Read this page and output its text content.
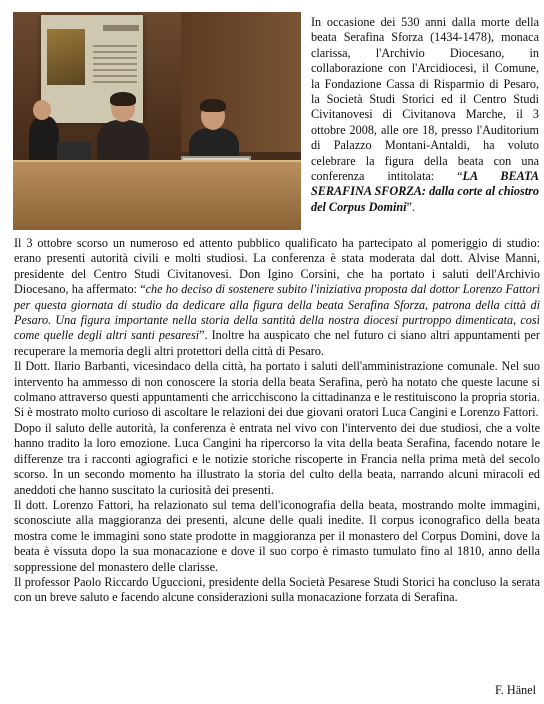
In occasione dei 530 anni dalla morte della beata Serafina Sforza (1434-1478), monaca clarissa, l'Archivio Diocesano, in collaborazione con l'Arcidiocesi, il Comune, la Fondazione Cassa di Risparmio di Pesaro, la Società Studi Storici ed il Centro Studi Civitanovesi di Civitanova Marche, il 3 ottobre 2008, alle ore 18, presso l'Auditorium di Palazzo Montani-Antaldi, ha voluto celebrare la figura della beata con una conferenza intitolata: “LA BEATA SERAFINA SFORZA: dalla corte al chiostro del Corpus Domini”.

Il 3 ottobre scorso un numeroso ed attento pubblico qualificato ha partecipato al pomeriggio di studio: erano presenti autorità civili e molti studiosi. La conferenza è stata moderata dal dott. Alvise Manni, presidente del Centro Studi Civitanovesi. Don Igino Corsini, che ha portato i saluti dell'Archivio Diocesano, ha affermato: “che ho deciso di sostenere subito l'iniziativa proposta dal dottor Lorenzo Fattori per questa giornata di studio da dedicare alla figura della beata Serafina Sforza, patrona della città di Pesaro. Una figura importante nella storia della santità della nostra diocesi purtroppo dimenticata, così come quelle degli altri santi pesaresi”. Inoltre ha auspicato che nel futuro ci siano altri appuntamenti per recuperare la memoria degli altri protettori della città di Pesaro.

Il Dott. Ilario Barbanti, vicesindaco della città, ha portato i saluti dell'amministrazione comunale. Nel suo intervento ha ammesso di non conoscere la storia della beata Serafina, però ha notato che queste lacune si colmano attraverso questi appuntamenti che arricchiscono la cittadinanza e le restituiscono la propria storia. Si è mostrato molto curioso di ascoltare le relazioni dei due giovani oratori Luca Cangini e Lorenzo Fattori.

Dopo il saluto delle autorità, la conferenza è entrata nel vivo con l'intervento dei due studiosi, che a volte hanno tradito la loro emozione. Luca Cangini ha ripercorso la vita della beata Serafina, facendo notare le differenze tra i racconti agiografici e le notizie storiche riscoperte in Francia nella prima metà del secolo scorso. In un secondo momento ha illustrato la storia del culto della beata, narrando alcuni miracoli ed aneddoti che hanno suscitato la curiosità dei presenti.

Il dott. Lorenzo Fattori, ha relazionato sul tema dell'iconografia della beata, mostrando molte immagini, sconosciute alla maggioranza dei presenti, alcune delle quali inedite. Il corpus iconografico della beata mostra come le immagini sono state prodotte in maggioranza per il monastero del Corpus Domini, dove la beata è vissuta dopo la sua monacazione e dove il suo corpo è rimasto tumulato fino al 1810, anno della soppressione del monastero delle clarisse.

Il professor Paolo Riccardo Uguccioni, presidente della Società Pesarese Studi Storici ha concluso la serata con un breve saluto e facendo alcune considerazioni sulla monacazione forzata di Serafina.

F. Hänel
